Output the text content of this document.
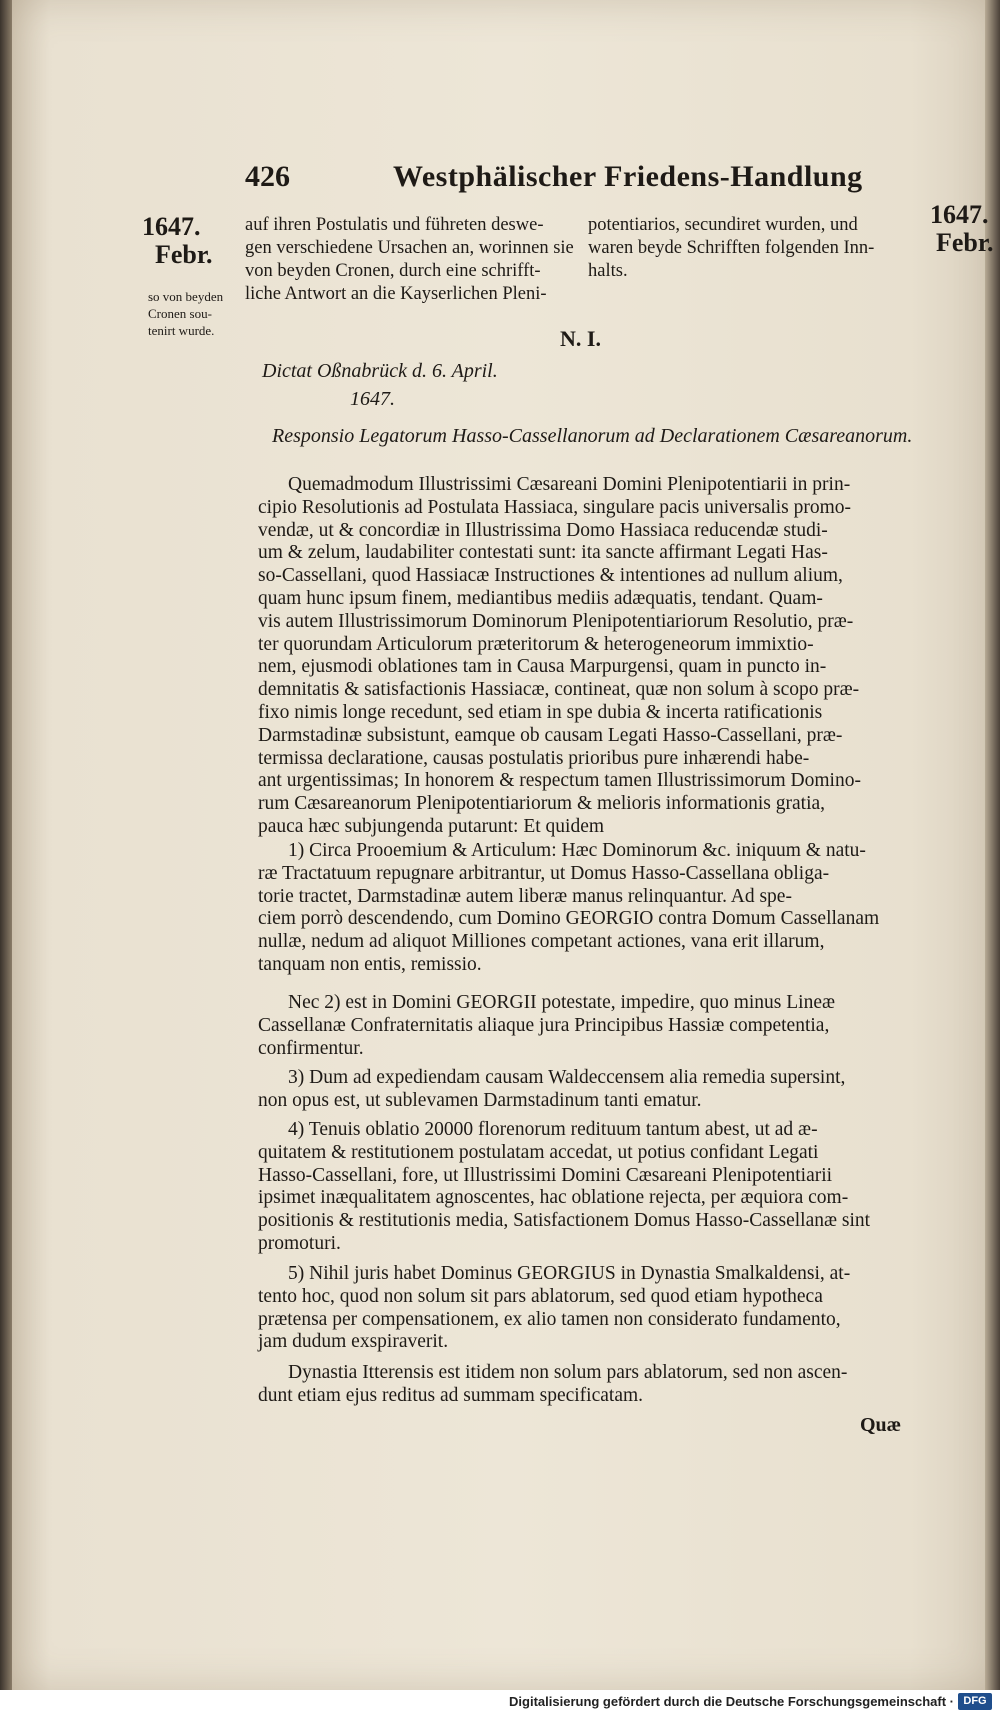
426	Westphälischer Friedens-Handlung
1647.
Febr.
1647.
Febr.
auf ihren Postulatis und führeten deswe-
gen verschiedene Ursachen an, worinnen sie
von beyden Cronen, durch eine schrifft-
liche Antwort an die Kayserlichen Pleni-
potentiarios, secundiret wurden, und
waren beyde Schrifften folgenden Inn-
halts.
so von beyden
Cronen sou-
tenirt wurde.	N. I.
Dictat Oßnabrück d. 6. April.
1647.
Responsio Legatorum Hasso-Cassellanorum ad Declarationem Cæsareanorum.
Quemadmodum Illustrissimi Cæsareani Domini Plenipotentiarii in prin-
cipio Resolutionis ad Postulata Hassiaca, singulare pacis universalis promo-
vendæ, ut & concordiæ in Illustrissima Domo Hassiaca reducendæ studi-
um & zelum, laudabiliter contestati sunt: ita sancte affirmant Legati Has-
so-Cassellani, quod Hassiacæ Instructiones & intentiones ad nullum alium,
quam hunc ipsum finem, mediantibus mediis adæquatis, tendant. Quam-
vis autem Illustrissimorum Dominorum Plenipotentiariorum Resolutio, præ-
ter quorundam Articulorum præteritorum & heterogeneorum immixtio-
nem, ejusmodi oblationes tam in Causa Marpurgensi, quam in puncto in-
demnitatis & satisfactionis Hassiacæ, contineat, quæ non solum à scopo præ-
fixo nimis longe recedunt, sed etiam in spe dubia & incerta ratificationis
Darmstadinæ subsistunt, eamque ob causam Legati Hasso-Cassellani, præ-
termissa declaratione, causas postulatis prioribus pure inhærendi habe-
ant urgentissimas; In honorem & respectum tamen Illustrissimorum Domino-
rum Cæsareanorum Plenipotentiariorum & melioris informationis gratia,
pauca hæc subjungenda putarunt: Et quidem
1) Circa Prooemium & Articulum: Hæc Dominorum &c. iniquum & natu-
ræ Tractatuum repugnare arbitrantur, ut Domus Hasso-Cassellana obliga-
torie tractet, Darmstadinæ autem liberæ manus relinquantur. Ad spe-
ciem porrò descendendo, cum Domino GEORGIO contra Domum Cassellanam
nullæ, nedum ad aliquot Milliones competant actiones, vana erit illarum,
tanquam non entis, remissio.
Nec 2) est in Domini GEORGII potestate, impedire, quo minus Lineæ
Cassellanæ Confraternitatis aliaque jura Principibus Hassiæ competentia,
confirmentur.
3) Dum ad expediendam causam Waldeccensem alia remedia supersint,
non opus est, ut sublevamen Darmstadinum tanti ematur.
4) Tenuis oblatio 20000 florenorum redituum tantum abest, ut ad æ-
quitatem & restitutionem postulatam accedat, ut potius confidant Legati
Hasso-Cassellani, fore, ut Illustrissimi Domini Cæsareani Plenipotentiarii
ipsimet inæqualitatem agnoscentes, hac oblatione rejecta, per æquiora com-
positionis & restitutionis media, Satisfactionem Domus Hasso-Cassellanæ sint
promoturi.
5) Nihil juris habet Dominus GEORGIUS in Dynastia Smalkaldensi, at-
tento hoc, quod non solum sit pars ablatorum, sed quod etiam hypotheca
prætensa per compensationem, ex alio tamen non considerato fundamento,
jam dudum exspiraverit.
Dynastia Itterensis est itidem non solum pars ablatorum, sed non ascen-
dunt etiam ejus reditus ad summam specificatam.
Quæ
Digitalisierung gefördert durch die Deutsche Forschungsgemeinschaft · DFG
